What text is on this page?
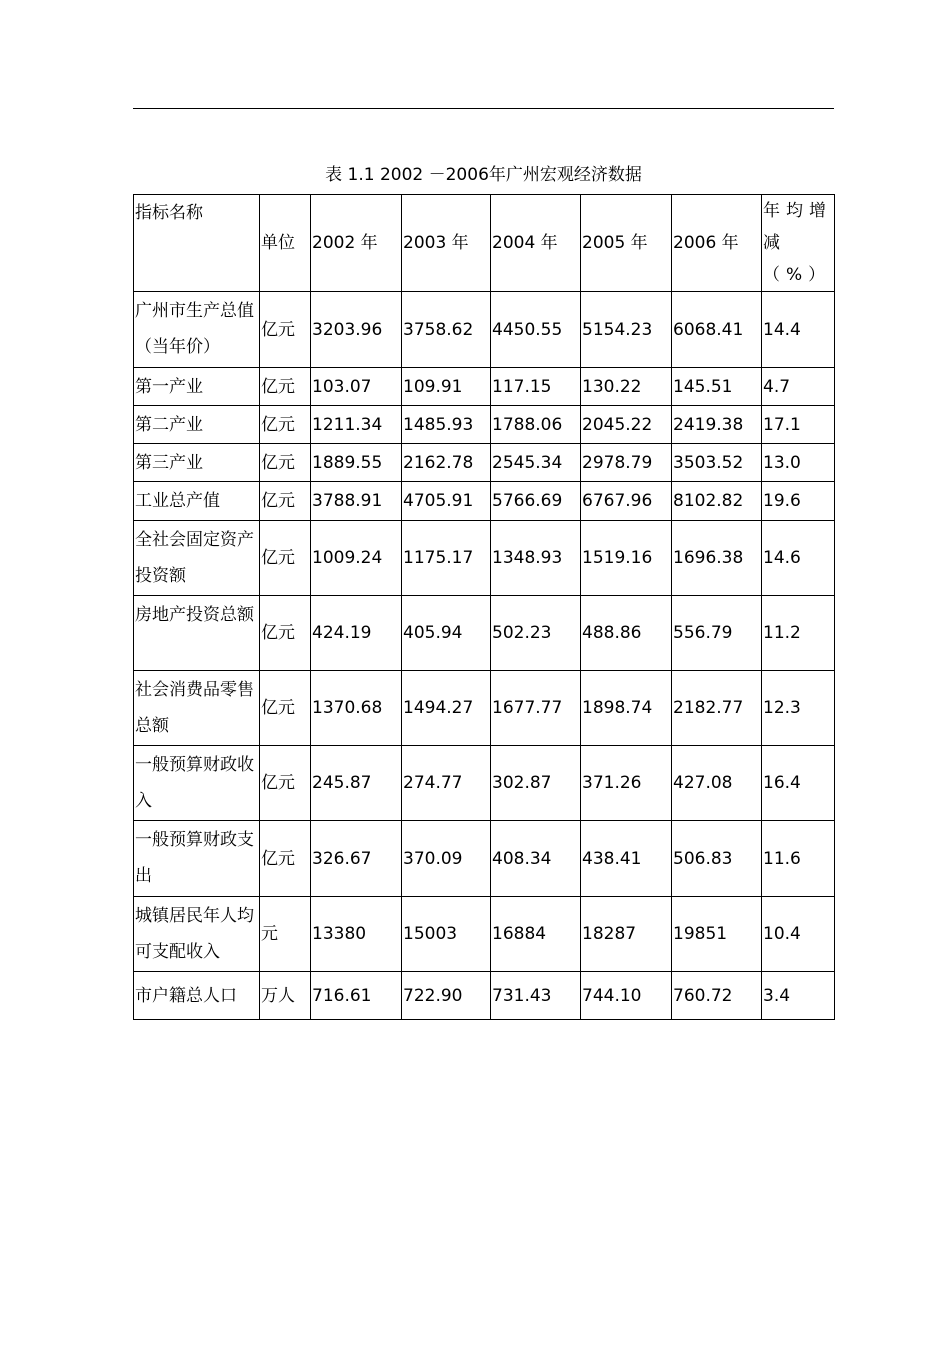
表 1.1 2002 －2006年广州宏观经济数据
指标名称	单位	2002 年	2003 年	2004 年	2005 年	2006 年	年均增减（%）
广州市生产总值（当年价）	亿元	3203.96	3758.62	4450.55	5154.23	6068.41	14.4
第一产业	亿元	103.07	109.91	117.15	130.22	145.51	4.7
第二产业	亿元	1211.34	1485.93	1788.06	2045.22	2419.38	17.1
第三产业	亿元	1889.55	2162.78	2545.34	2978.79	3503.52	13.0
工业总产值	亿元	3788.91	4705.91	5766.69	6767.96	8102.82	19.6
全社会固定资产投资额	亿元	1009.24	1175.17	1348.93	1519.16	1696.38	14.6
房地产投资总额	亿元	424.19	405.94	502.23	488.86	556.79	11.2
社会消费品零售总额	亿元	1370.68	1494.27	1677.77	1898.74	2182.77	12.3
一般预算财政收入	亿元	245.87	274.77	302.87	371.26	427.08	16.4
一般预算财政支出	亿元	326.67	370.09	408.34	438.41	506.83	11.6
城镇居民年人均可支配收入	元	13380	15003	16884	18287	19851	10.4
市户籍总人口	万人	716.61	722.90	731.43	744.10	760.72	3.4
